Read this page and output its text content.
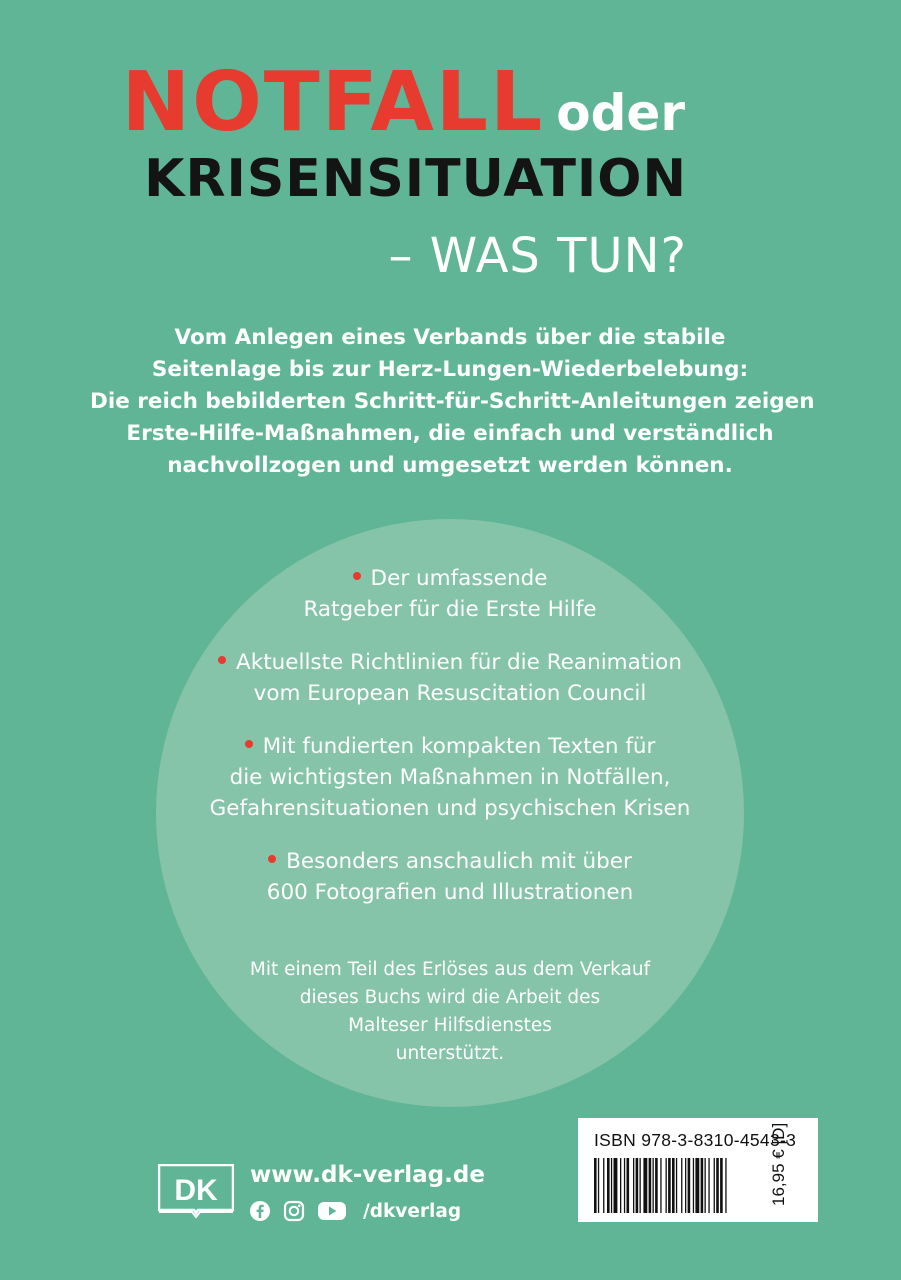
NOTFALL oder
KRISENSITUATION
– WAS TUN?
Vom Anlegen eines Verbands über die stabile
Seitenlage bis zur Herz-Lungen-Wiederbelebung:
Die reich bebilderten Schritt-für-Schritt-Anleitungen zeigen
Erste-Hilfe-Maßnahmen, die einfach und verständlich
nachvollzogen und umgesetzt werden können.
Der umfassende
Ratgeber für die Erste Hilfe
Aktuellste Richtlinien für die Reanimation
vom European Resuscitation Council
Mit fundierten kompakten Texten für
die wichtigsten Maßnahmen in Notfällen,
Gefahrensituationen und psychischen Krisen
Besonders anschaulich mit über
600 Fotografien und Illustrationen
Mit einem Teil des Erlöses aus dem Verkauf
dieses Buchs wird die Arbeit des
Malteser Hilfsdienstes
unterstützt.
DK www.dk-verlag.de
/dkverlag
ISBN 978-3-8310-4543-3
16,95 € [D]
